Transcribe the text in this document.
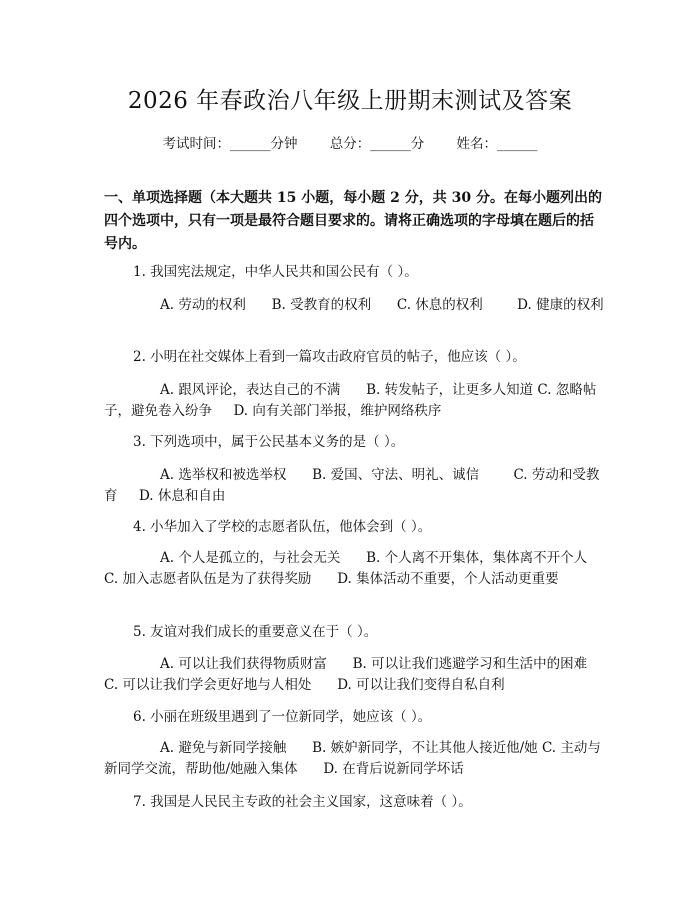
2026 年春政治八年级上册期末测试及答案
考试时间：______分钟 总分：______分 姓名：______
一、单项选择题（本大题共 15 小题，每小题 2 分，共 30 分。在每小题列出的四个选项中，只有一项是最符合题目要求的。请将正确选项的字母填在题后的括号内。
1. 我国宪法规定，中华人民共和国公民有（ ）。
A. 劳动的权利 B. 受教育的权利 C. 休息的权利	D. 健康的权利
2. 小明在社交媒体上看到一篇攻击政府官员的帖子，他应该（ ）。
A. 跟风评论，表达自己的不满 B. 转发帖子，让更多人知道 C. 忽略帖子，避免卷入纷争 D. 向有关部门举报，维护网络秩序
3. 下列选项中，属于公民基本义务的是（ ）。
A. 选举权和被选举权 B. 爱国、守法、明礼、诚信	C. 劳动和受教育 D. 休息和自由
4. 小华加入了学校的志愿者队伍，他体会到（ ）。
A. 个人是孤立的，与社会无关 B. 个人离不开集体，集体离不开个人     C. 加入志愿者队伍是为了获得奖励 D. 集体活动不重要，个人活动更重要
5. 友谊对我们成长的重要意义在于（ ）。
A. 可以让我们获得物质财富 B. 可以让我们逃避学习和生活中的困难     C. 可以让我们学会更好地与人相处 D. 可以让我们变得自私自利
6. 小丽在班级里遇到了一位新同学，她应该（ ）。
A. 避免与新同学接触 B. 嫉妒新同学，不让其他人接近他/她 C. 主动与新同学交流，帮助他/她融入集体 D. 在背后说新同学坏话
7. 我国是人民民主专政的社会主义国家，这意味着（ ）。
